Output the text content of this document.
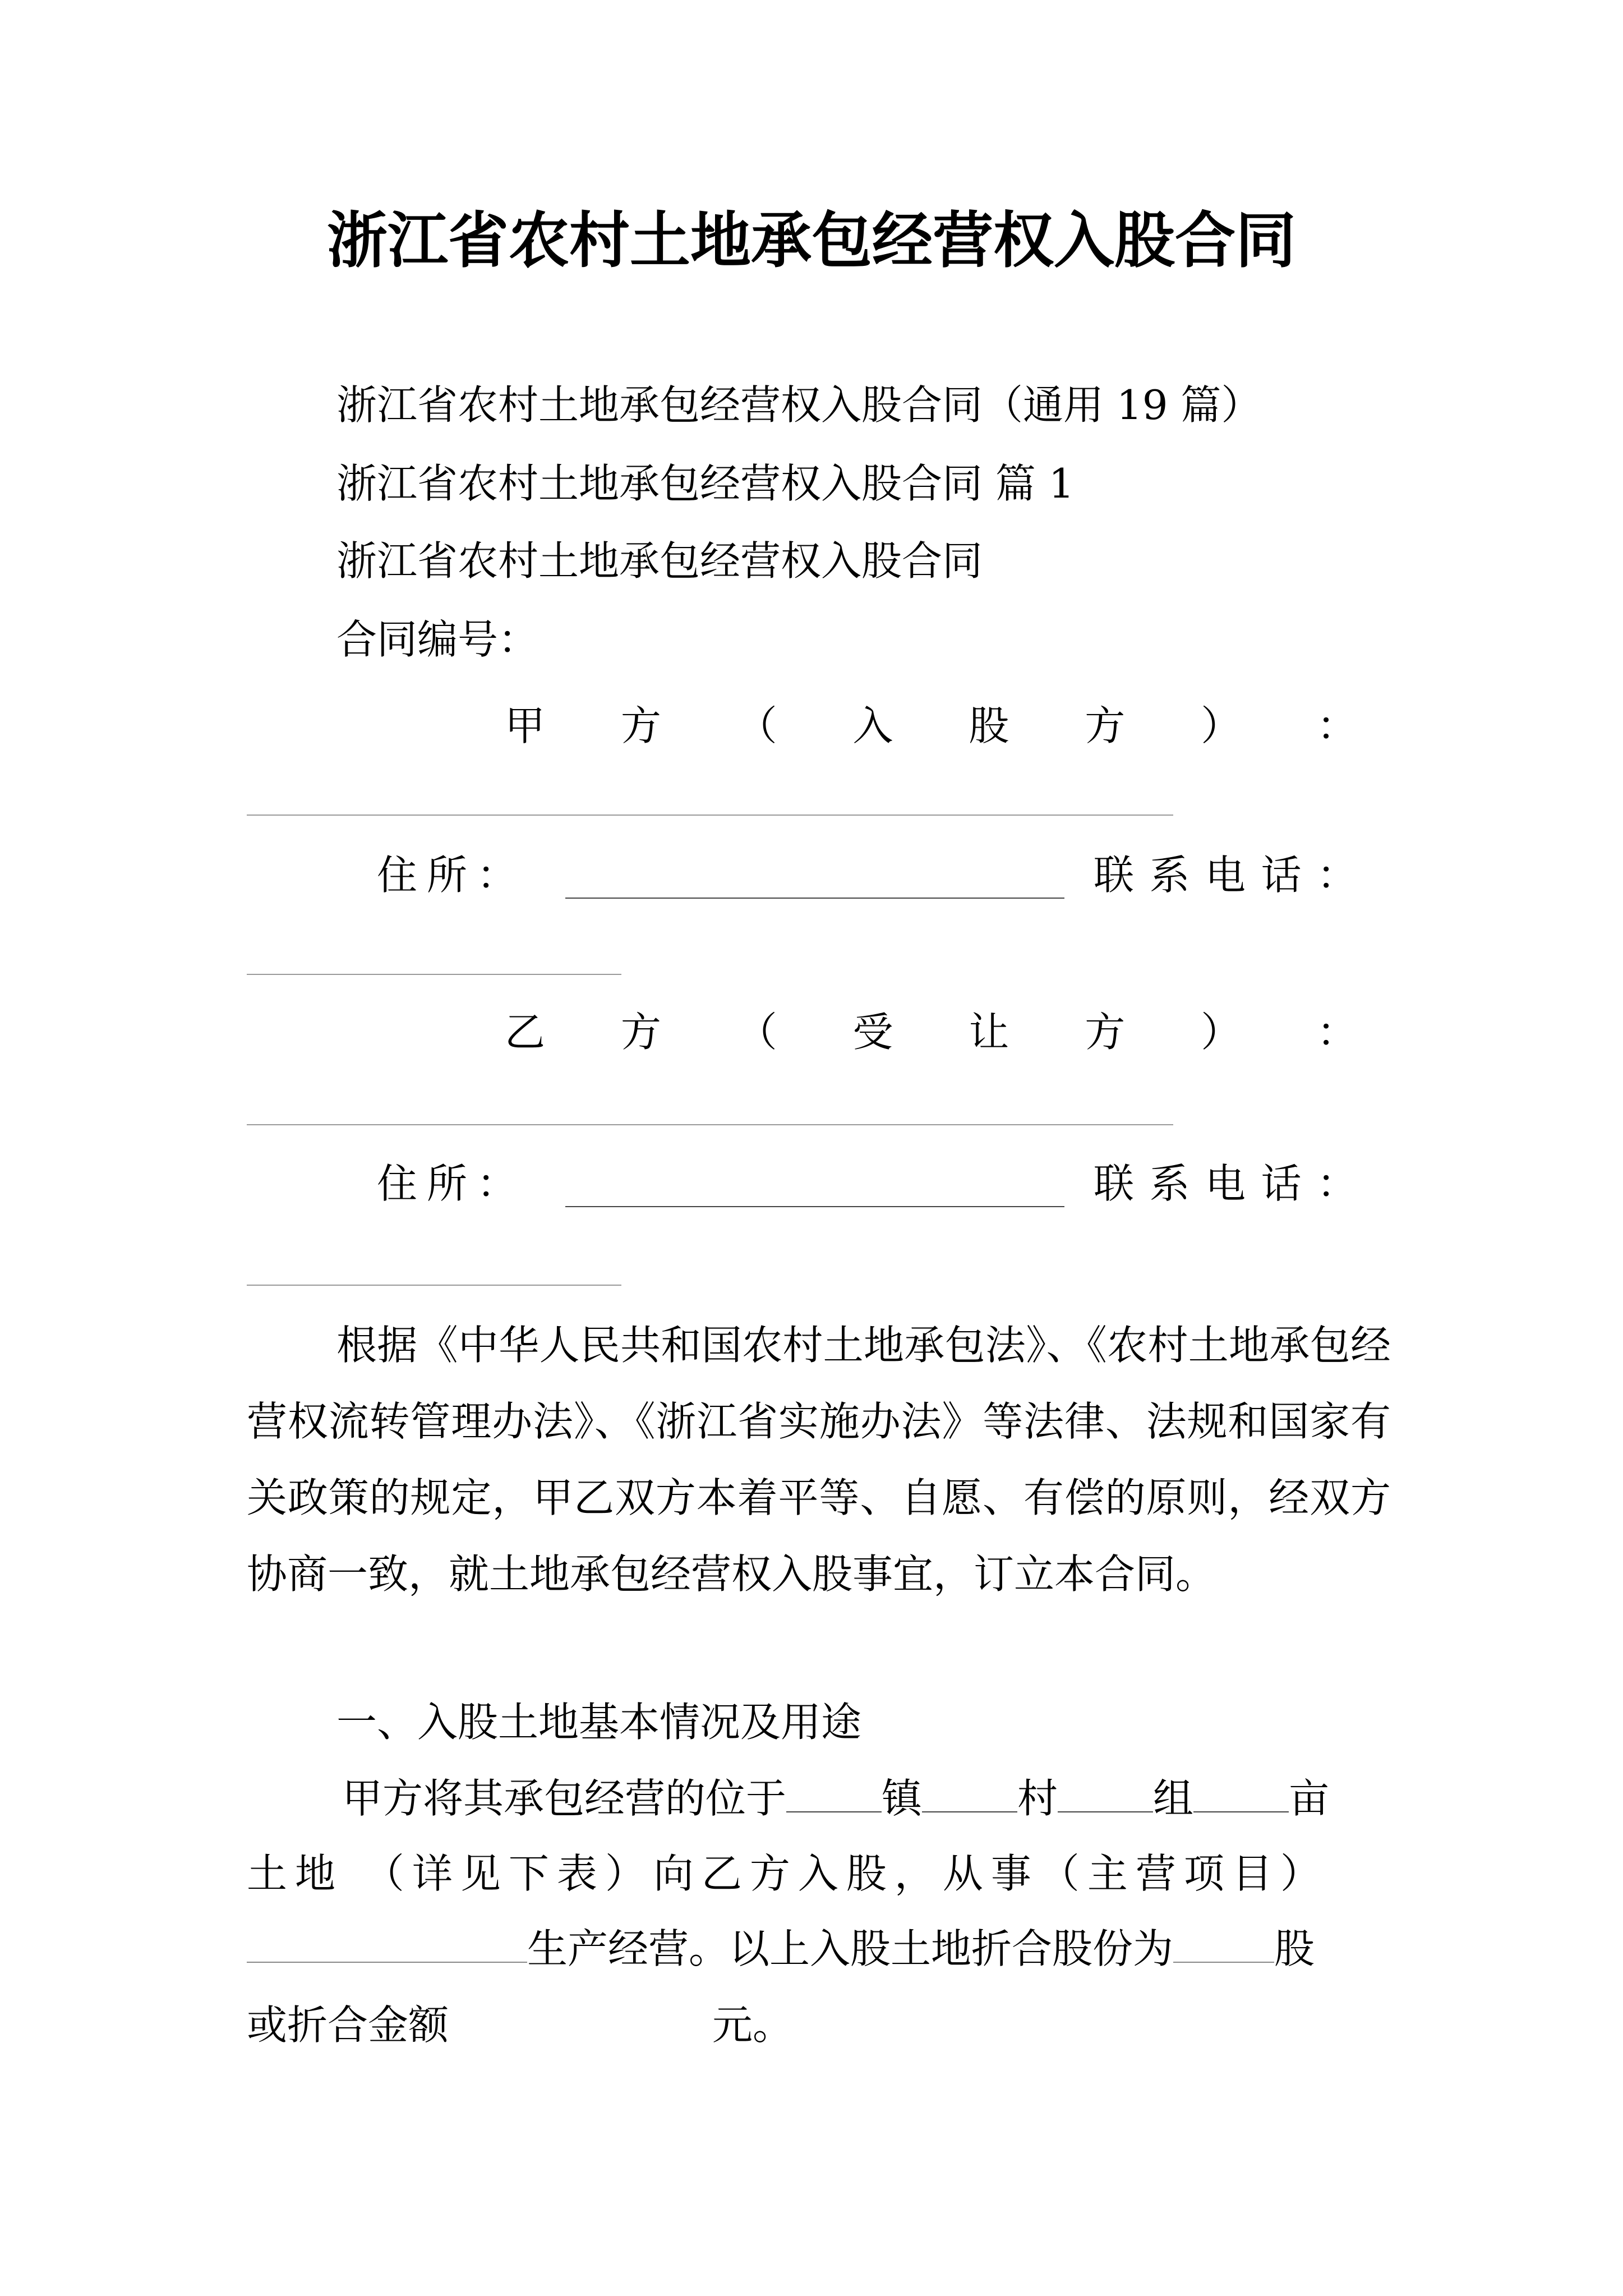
浙江省农村土地承包经营权入股合同
浙江省农村土地承包经营权入股合同（通用 19 篇）
浙江省农村土地承包经营权入股合同 篇 1
浙江省农村土地承包经营权入股合同
合同编号：
甲 方 （ 入 股 方 ） ：
住 所 ：	联 系 电 话 ：
乙 方 （ 受 让 方 ） ：
住 所 ：	联 系 电 话 ：

根据《中华人民共和国农村土地承包法》、《农村土地承包经营权流转管理办法》、《浙江省实施办法》等法律、法规和国家有关政策的规定，甲乙双方本着平等、自愿、有偿的原则，经双方协商一致，就土地承包经营权入股事宜，订立本合同。

一、入股土地基本情况及用途
甲方将其承包经营的位于 镇 村 组 亩
土地 （详见下表）向乙方入股，从事（主营项目）
生产经营。以上入股土地折合股份为	股
或折合金额	元。
